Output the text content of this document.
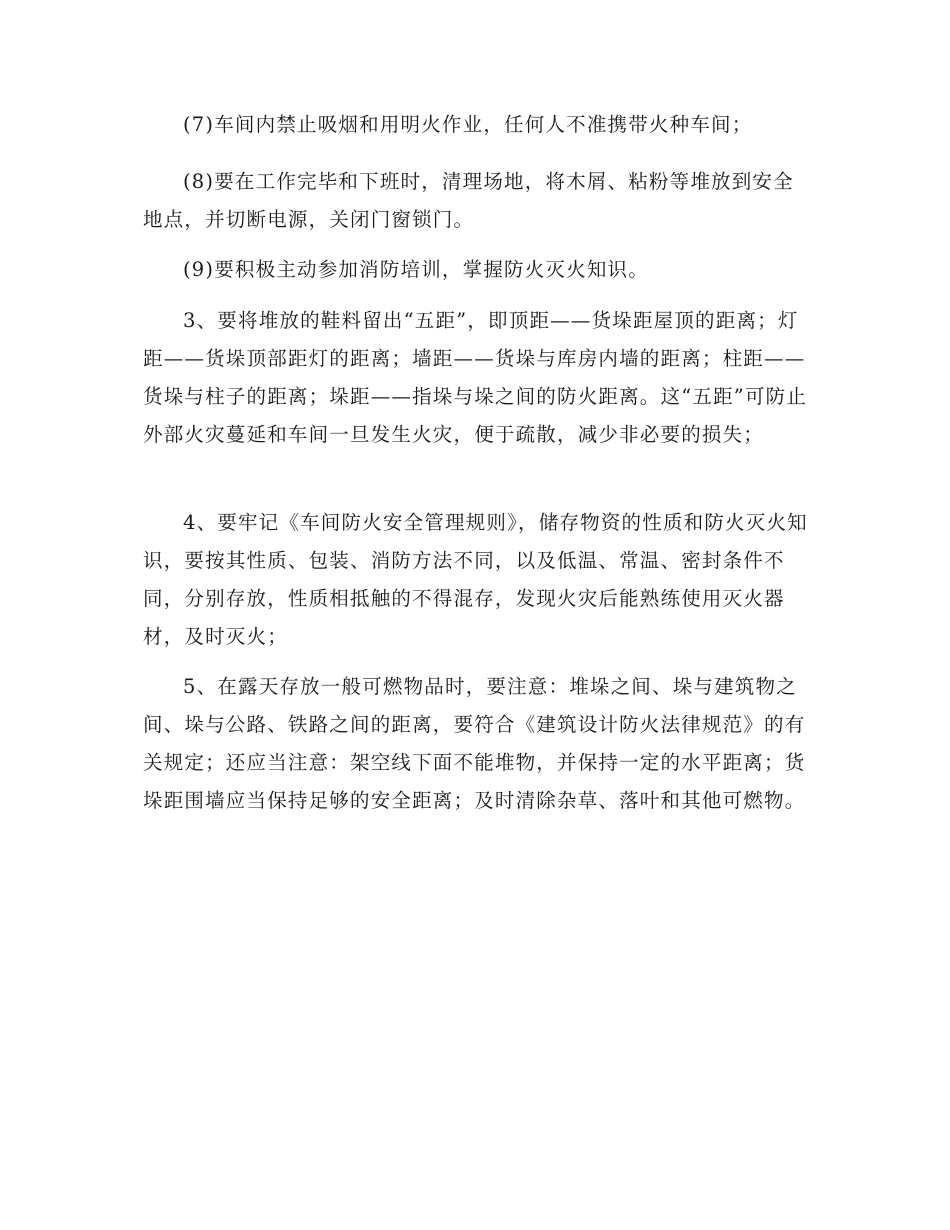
(7)车间内禁止吸烟和用明火作业，任何人不准携带火种车间；

(8)要在工作完毕和下班时，清理场地，将木屑、粘粉等堆放到安全地点，并切断电源，关闭门窗锁门。

(9)要积极主动参加消防培训，掌握防火灭火知识。

3、要将堆放的鞋料留出“五距”，即顶距——货垛距屋顶的距离；灯距——货垛顶部距灯的距离；墙距——货垛与库房内墙的距离；柱距——货垛与柱子的距离；垛距——指垛与垛之间的防火距离。这“五距”可防止外部火灾蔓延和车间一旦发生火灾，便于疏散，减少非必要的损失；

4、要牢记《车间防火安全管理规则》，储存物资的性质和防火灭火知识，要按其性质、包装、消防方法不同，以及低温、常温、密封条件不同，分别存放，性质相抵触的不得混存，发现火灾后能熟练使用灭火器材，及时灭火；

5、在露天存放一般可燃物品时，要注意：堆垛之间、垛与建筑物之间、垛与公路、铁路之间的距离，要符合《建筑设计防火法律规范》的有关规定；还应当注意：架空线下面不能堆物，并保持一定的水平距离；货垛距围墙应当保持足够的安全距离；及时清除杂草、落叶和其他可燃物。
